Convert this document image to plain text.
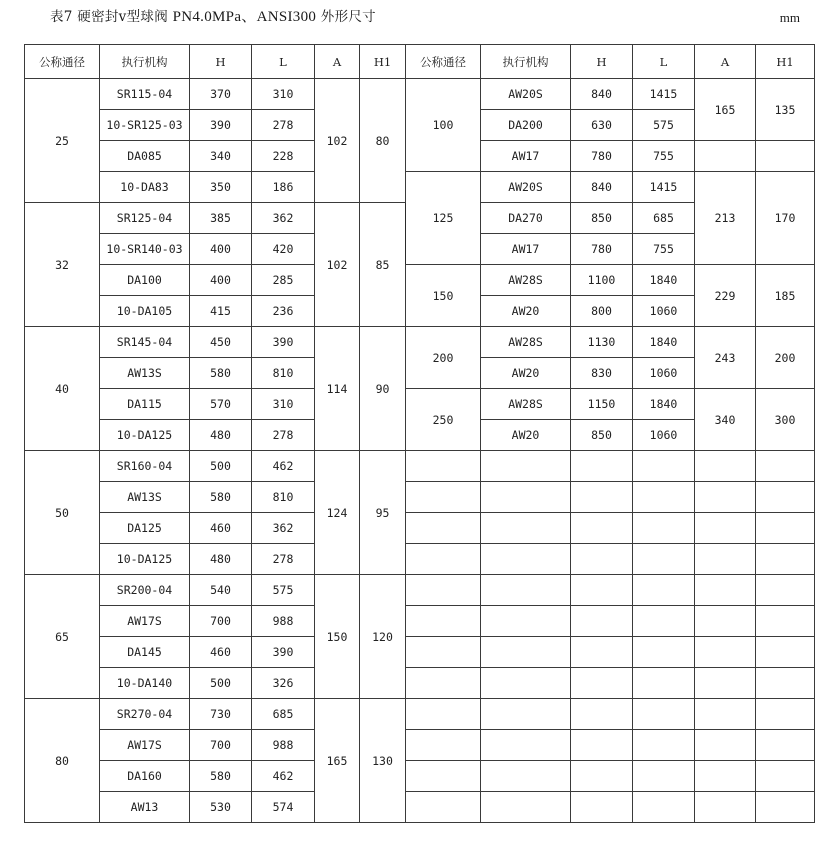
表7 硬密封v型球阀 PN4.0MPa、ANSI300 外形尺寸	mm
公称通径	执行机构	H	L	A	H1	公称通径	执行机构	H	L	A	H1
25	SR115-04	370	310	102	80	100	AW20S	840	1415	165	135
	10-SR125-03	390	278				DA200	630	575		
	DA085	340	228				AW17	780	755		
	10-DA83	350	186			125	AW20S	840	1415	213	170
32	SR125-04	385	362	102	85		DA270	850	685		
	10-SR140-03	400	420				AW17	780	755		
	DA100	400	285			150	AW28S	1100	1840	229	185
	10-DA105	415	236				AW20	800	1060		
40	SR145-04	450	390	114	90	200	AW28S	1130	1840	243	200
	AW13S	580	810				AW20	830	1060		
	DA115	570	310			250	AW28S	1150	1840	340	300
	10-DA125	480	278				AW20	850	1060		
50	SR160-04	500	462	124	95						
	AW13S	580	810								
	DA125	460	362								
	10-DA125	480	278								
65	SR200-04	540	575	150	120						
	AW17S	700	988								
	DA145	460	390								
	10-DA140	500	326								
80	SR270-04	730	685	165	130						
	AW17S	700	988								
	DA160	580	462								
	AW13	530	574								
